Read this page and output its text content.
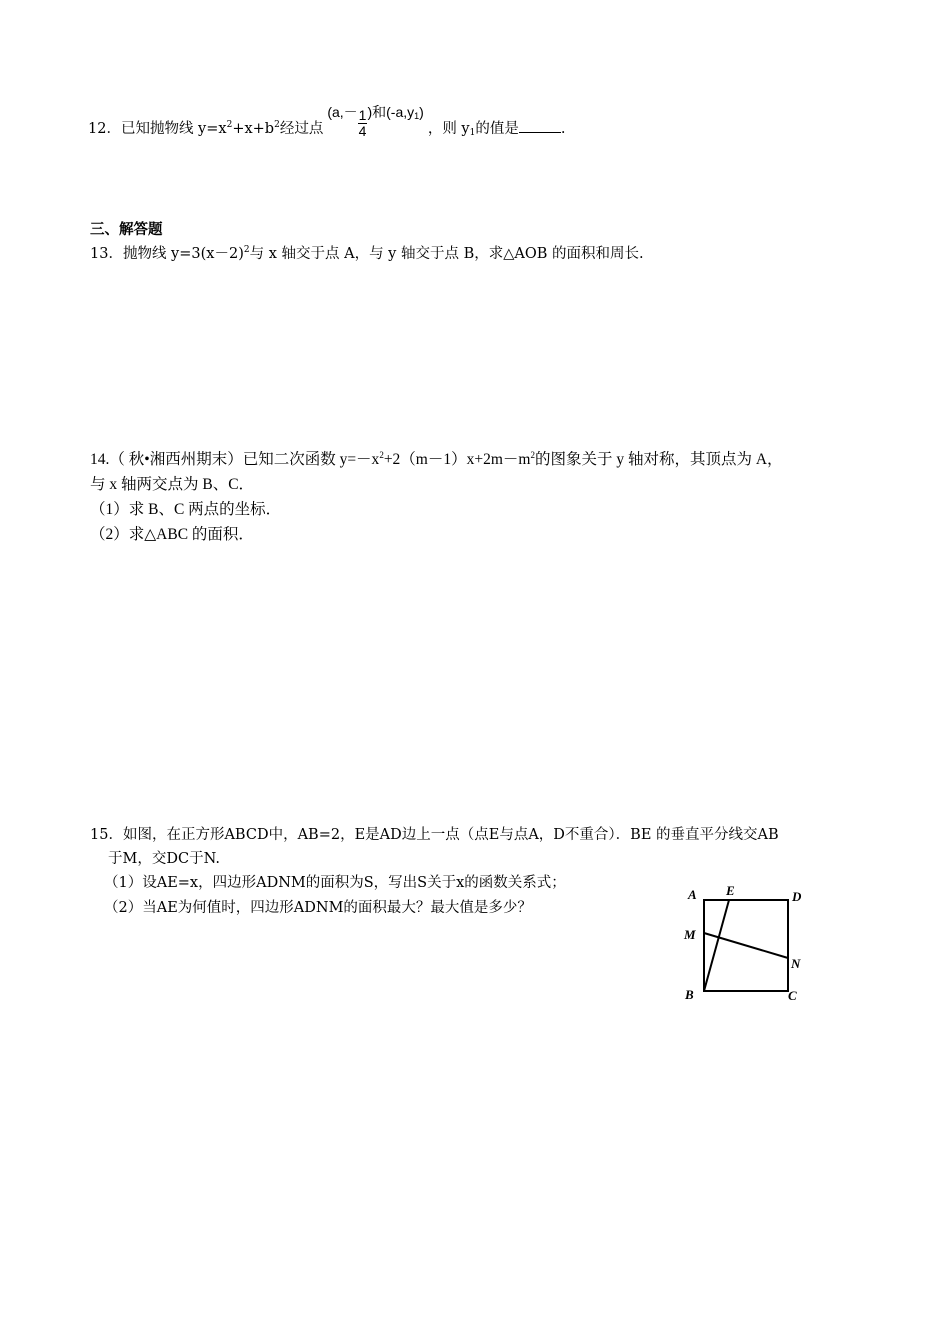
12．已知抛物线 $y=x^2+x+b^2$经过点($a,- \frac{1}{4}$ )和$(-a,y_1)$，则 $y_1$的值是	.
三、解答题
13．抛物线 $y=3(x-2)^2$与 x 轴交于点 A，与 y 轴交于点 B，求△AOB 的面积和周长.
14.（ 秋•湘西州期末）已知二次函数 $y=-x^2+2(m-1)x+2m-m^2$的图象关于 y 轴对称，其顶点为 A，
与 x 轴两交点为 B、C．
（1）求 B、C 两点的坐标．
（2）求△ABC 的面积．
15．如图，在正方形ABCD中，AB=2，E是AD边上一点（点E与点A，D不重合）．BE 的垂直平分线交AB
于M，交DC于N.
（1）设AE=x，四边形ADNM的面积为S，写出S关于x的函数关系式；
（2）当AE为何值时，四边形ADNM的面积最大？最大值是多少？
A E	D
M
N
B	C
